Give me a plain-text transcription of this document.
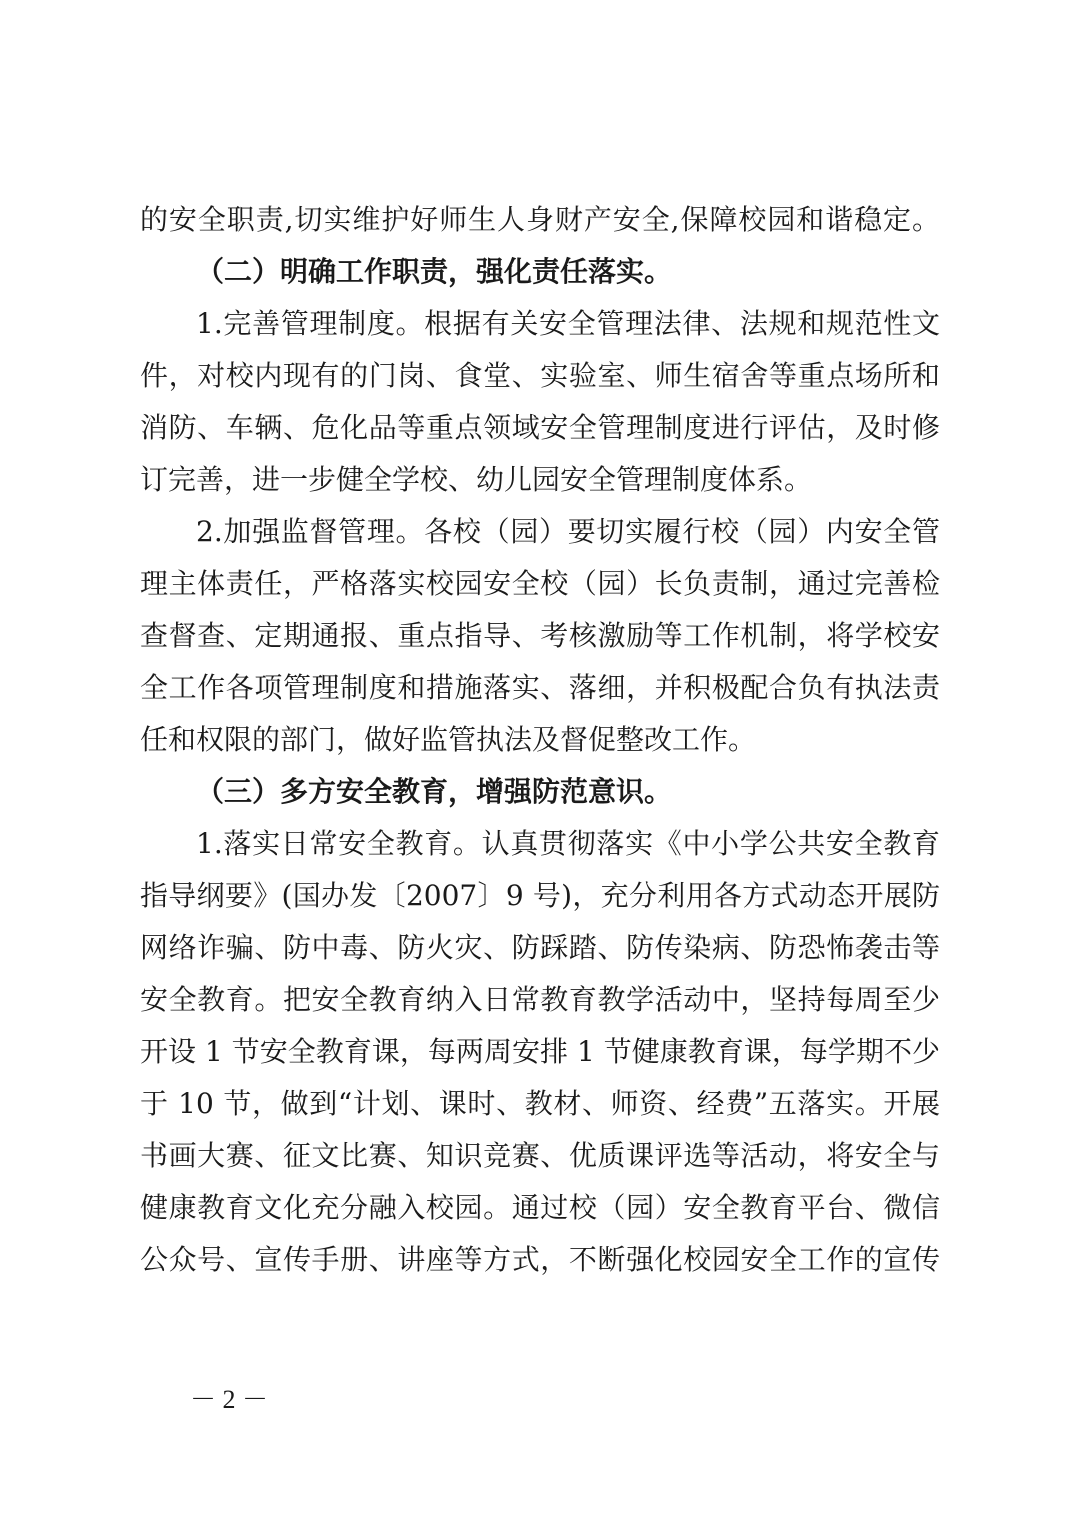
的安全职责,切实维护好师生人身财产安全,保障校园和谐稳定。
（二）明确工作职责，强化责任落实。
1.完善管理制度。根据有关安全管理法律、法规和规范性文
件，对校内现有的门岗、食堂、实验室、师生宿舍等重点场所和
消防、车辆、危化品等重点领域安全管理制度进行评估，及时修
订完善，进一步健全学校、幼儿园安全管理制度体系。
2.加强监督管理。各校（园）要切实履行校（园）内安全管
理主体责任，严格落实校园安全校（园）长负责制，通过完善检
查督查、定期通报、重点指导、考核激励等工作机制，将学校安
全工作各项管理制度和措施落实、落细，并积极配合负有执法责
任和权限的部门，做好监管执法及督促整改工作。
（三）多方安全教育，增强防范意识。
1.落实日常安全教育。认真贯彻落实《中小学公共安全教育
指导纲要》(国办发〔2007〕9 号)，充分利用各方式动态开展防
网络诈骗、防中毒、防火灾、防踩踏、防传染病、防恐怖袭击等
安全教育。把安全教育纳入日常教育教学活动中，坚持每周至少
开设 1 节安全教育课，每两周安排 1 节健康教育课，每学期不少
于 10 节，做到“计划、课时、教材、师资、经费”五落实。开展
书画大赛、征文比赛、知识竞赛、优质课评选等活动，将安全与
健康教育文化充分融入校园。通过校（园）安全教育平台、微信
公众号、宣传手册、讲座等方式，不断强化校园安全工作的宣传
－ 2 －
